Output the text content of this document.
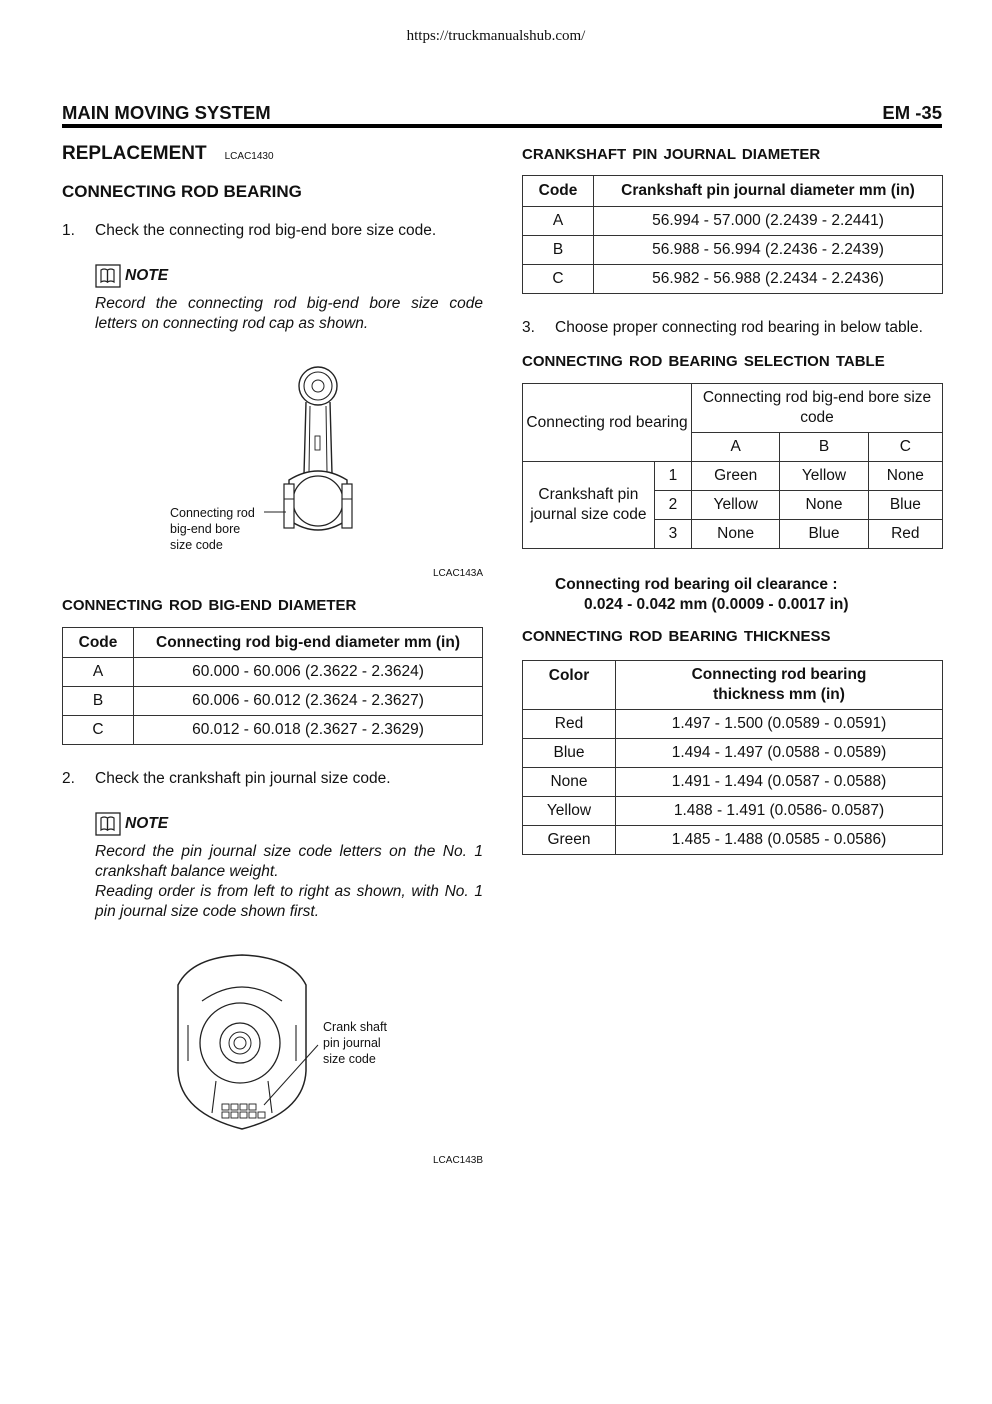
https://truckmanualshub.com/
MAIN MOVING SYSTEM	EM -35
REPLACEMENT LCAC1430
CONNECTING ROD BEARING
1. Check the connecting rod big-end bore size code.
NOTE
Record the connecting rod big-end bore size code letters on connecting rod cap as shown.
Connecting rod
big-end bore
size code
LCAC143A
CONNECTING ROD BIG-END DIAMETER
Code	Connecting rod big-end diameter mm (in)
A	60.000 - 60.006 (2.3622 - 2.3624)
B	60.006 - 60.012 (2.3624 - 2.3627)
C	60.012 - 60.018 (2.3627 - 2.3629)
2. Check the crankshaft pin journal size code.
NOTE
Record the pin journal size code letters on the No. 1 crankshaft balance weight.
Reading order is from left to right as shown, with No. 1 pin journal size code shown first.
Crank shaft
pin journal
size code
LCAC143B
CRANKSHAFT PIN JOURNAL DIAMETER
Code	Crankshaft pin journal diameter mm (in)
A	56.994 - 57.000 (2.2439 - 2.2441)
B	56.988 - 56.994 (2.2436 - 2.2439)
C	56.982 - 56.988 (2.2434 - 2.2436)
3. Choose proper connecting rod bearing in below table.
CONNECTING ROD BEARING SELECTION TABLE
Connecting rod bearing		Connecting rod big-end bore size code		
		A	B	C
Crankshaft pin journal size code	1	Green	Yellow	None
	2	Yellow	None	Blue
	3	None	Blue	Red
Connecting rod bearing oil clearance :
0.024 - 0.042 mm (0.0009 - 0.0017 in)
CONNECTING ROD BEARING THICKNESS
Color	Connecting rod bearing thickness mm (in)
Red	1.497 - 1.500 (0.0589 - 0.0591)
Blue	1.494 - 1.497 (0.0588 - 0.0589)
None	1.491 - 1.494 (0.0587 - 0.0588)
Yellow	1.488 - 1.491 (0.0586- 0.0587)
Green	1.485 - 1.488 (0.0585 - 0.0586)
